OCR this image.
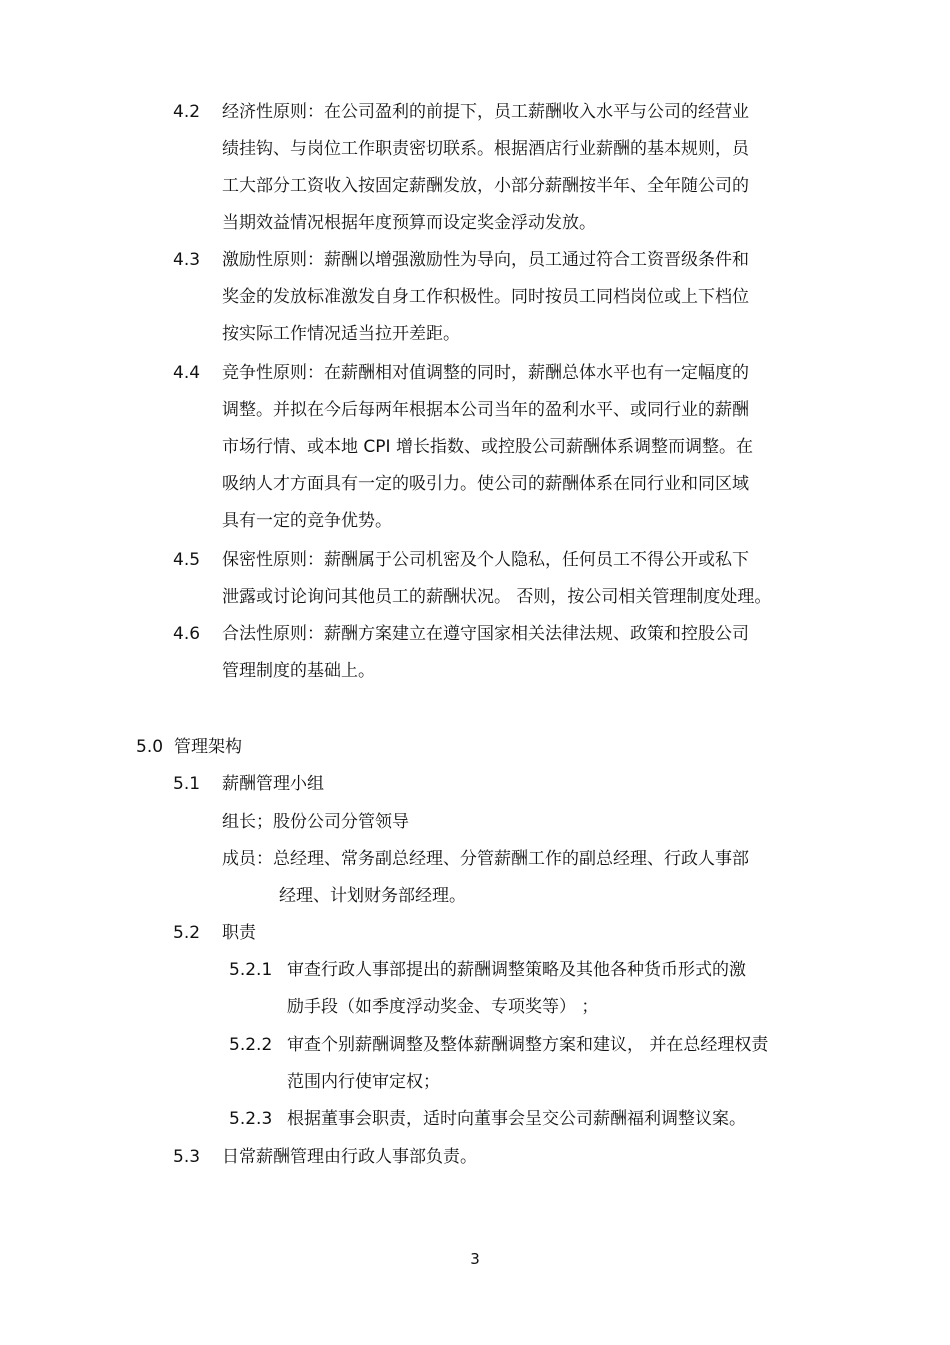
4.2 经济性原则：在公司盈利的前提下，员工薪酬收入水平与公司的经营业
绩挂钩、与岗位工作职责密切联系。根据酒店行业薪酬的基本规则，员
工大部分工资收入按固定薪酬发放，小部分薪酬按半年、全年随公司的
当期效益情况根据年度预算而设定奖金浮动发放。
4.3 激励性原则：薪酬以增强激励性为导向，员工通过符合工资晋级条件和
奖金的发放标准激发自身工作积极性。同时按员工同档岗位或上下档位
按实际工作情况适当拉开差距。
4.4 竞争性原则：在薪酬相对值调整的同时，薪酬总体水平也有一定幅度的
调整。并拟在今后每两年根据本公司当年的盈利水平、或同行业的薪酬
市场行情、或本地 CPI 增长指数、或控股公司薪酬体系调整而调整。在
吸纳人才方面具有一定的吸引力。使公司的薪酬体系在同行业和同区域
具有一定的竞争优势。
4.5 保密性原则：薪酬属于公司机密及个人隐私，任何员工不得公开或私下
泄露或讨论询问其他员工的薪酬状况。 否则，按公司相关管理制度处理。
4.6 合法性原则：薪酬方案建立在遵守国家相关法律法规、政策和控股公司
管理制度的基础上。
5.0 管理架构
5.1 薪酬管理小组
组长；股份公司分管领导
成员：总经理、常务副总经理、分管薪酬工作的副总经理、行政人事部
经理、计划财务部经理。
5.2 职责
5.2.1 审查行政人事部提出的薪酬调整策略及其他各种货币形式的激
励手段（如季度浮动奖金、专项奖等） ；
5.2.2 审查个别薪酬调整及整体薪酬调整方案和建议， 并在总经理权责
范围内行使审定权；
5.2.3 根据董事会职责，适时向董事会呈交公司薪酬福利调整议案。
5.3 日常薪酬管理由行政人事部负责。
3
